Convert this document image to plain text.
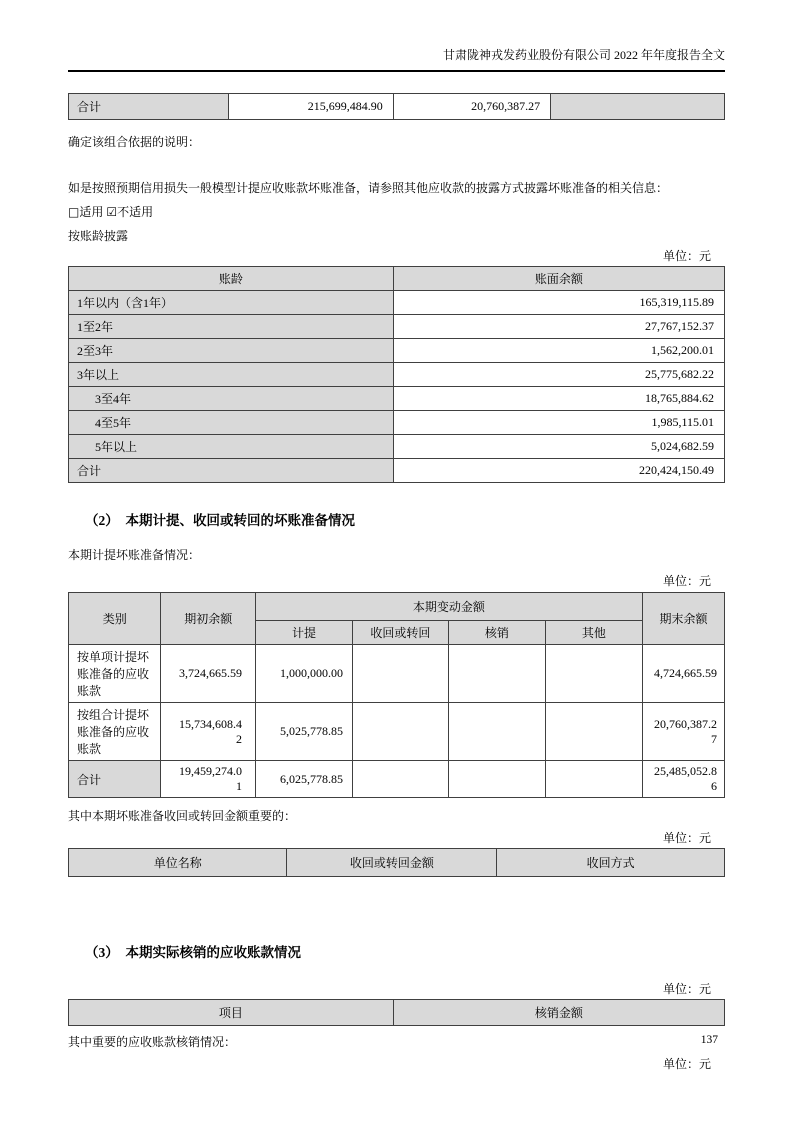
甘肃陇神戎发药业股份有限公司 2022 年年度报告全文
合计	215,699,484.90	20,760,387.27	
确定该组合依据的说明：
如是按照预期信用损失一般模型计提应收账款坏账准备，请参照其他应收款的披露方式披露坏账准备的相关信息：
□适用 ☑不适用
按账龄披露
单位：元
账龄	账面余额
1年以内（含1年）	165,319,115.89
1至2年	27,767,152.37
2至3年	1,562,200.01
3年以上	25,775,682.22
3至4年	18,765,884.62
4至5年	1,985,115.01
5年以上	5,024,682.59
合计	220,424,150.49
（2）　本期计提、收回或转回的坏账准备情况
本期计提坏账准备情况：
单位：元
类别	期初余额	本期变动金额				期末余额
		计提	收回或转回	核销	其他	
按单项计提坏账准备的应收账款	3,724,665.59	1,000,000.00				4,724,665.59
按组合计提坏账准备的应收账款	15,734,608.42	5,025,778.85				20,760,387.27
合计	19,459,274.01	6,025,778.85				25,485,052.86
其中本期坏账准备收回或转回金额重要的：
单位：元
单位名称	收回或转回金额	收回方式
（3）　本期实际核销的应收账款情况
单位：元
项目	核销金额
其中重要的应收账款核销情况：
单位：元
137
